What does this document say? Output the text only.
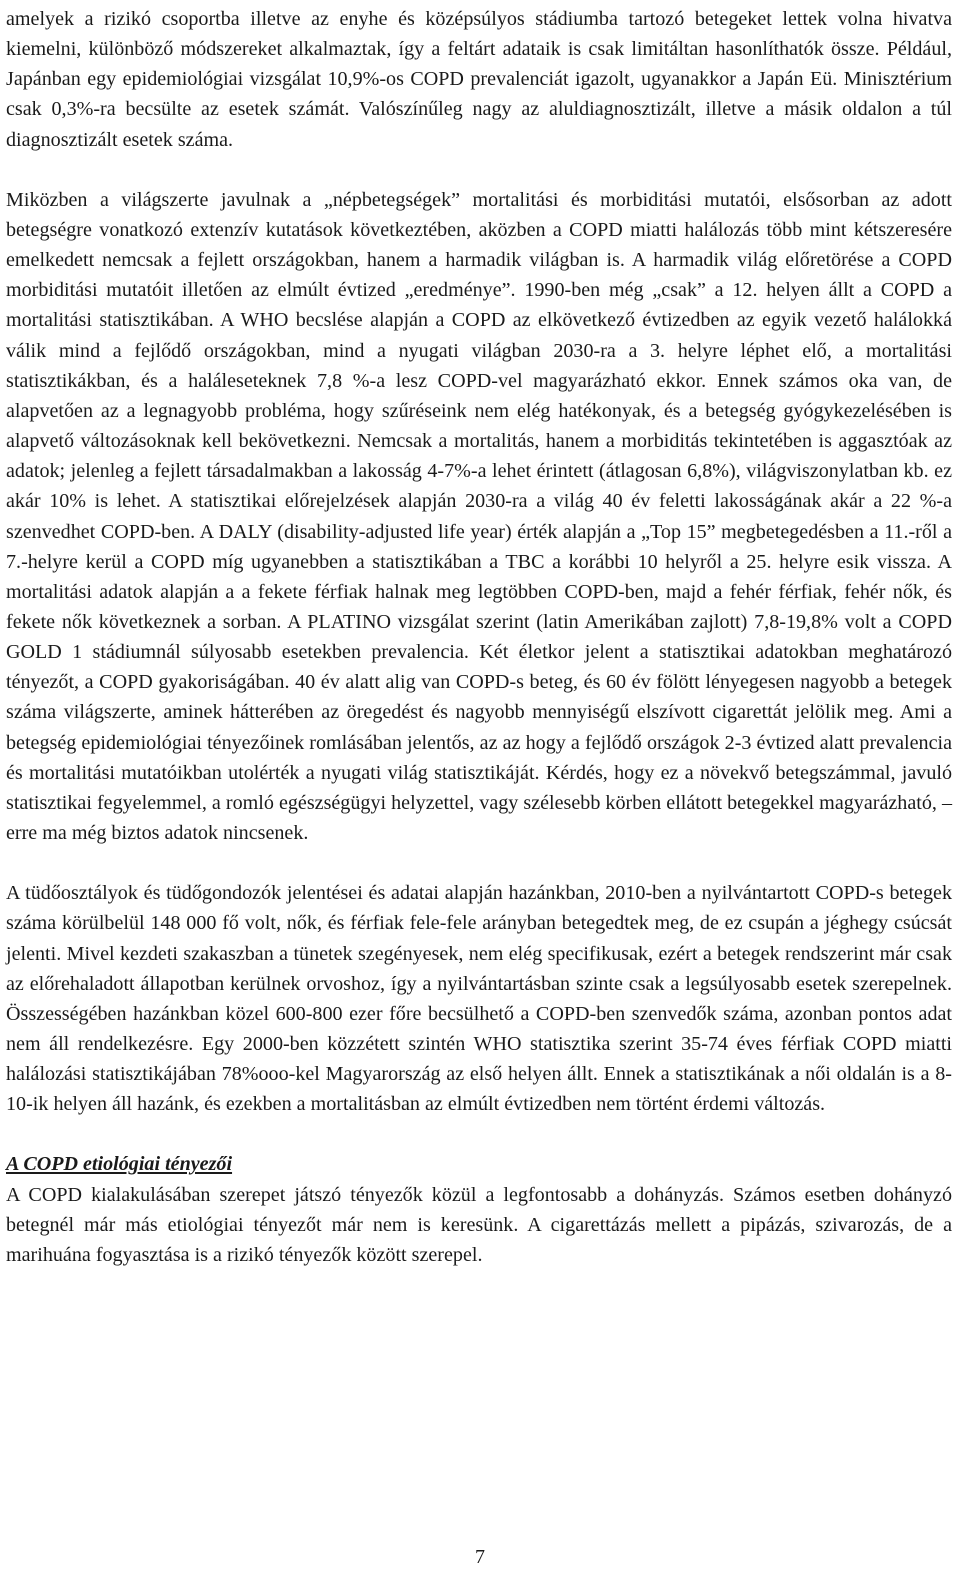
amelyek a rizikó csoportba illetve az enyhe és középsúlyos stádiumba tartozó betegeket lettek volna hivatva kiemelni, különböző módszereket alkalmaztak, így a feltárt adataik is csak limitáltan hasonlíthatók össze. Például, Japánban egy epidemiológiai vizsgálat 10,9%-os COPD prevalenciát igazolt, ugyanakkor a Japán Eü. Minisztérium csak 0,3%-ra becsülte az esetek számát. Valószínűleg nagy az aluldiagnosztizált, illetve a másik oldalon a túl diagnosztizált esetek száma.

Miközben a világszerte javulnak a „népbetegségek” mortalitási és morbiditási mutatói, elsősorban az adott betegségre vonatkozó extenzív kutatások következtében, aközben a COPD miatti halálozás több mint kétszeresére emelkedett nemcsak a fejlett országokban, hanem a harmadik világban is. A harmadik világ előretörése a COPD morbiditási mutatóit illetően az elmúlt évtized „eredménye”. 1990-ben még „csak” a 12. helyen állt a COPD a mortalitási statisztikában. A WHO becslése alapján a COPD az elkövetkező évtizedben az egyik vezető halálokká válik mind a fejlődő országokban, mind a nyugati világban 2030-ra a 3. helyre léphet elő, a mortalitási statisztikákban, és a haláleseteknek 7,8 %-a lesz COPD-vel magyarázható ekkor. Ennek számos oka van, de alapvetően az a legnagyobb probléma, hogy szűréseink nem elég hatékonyak, és a betegség gyógykezelésében is alapvető változásoknak kell bekövetkezni. Nemcsak a mortalitás, hanem a morbiditás tekintetében is aggasztóak az adatok; jelenleg a fejlett társadalmakban a lakosság 4-7%-a lehet érintett (átlagosan 6,8%), világviszonylatban kb. ez akár 10% is lehet. A statisztikai előrejelzések alapján 2030-ra a világ 40 év feletti lakosságának akár a 22 %-a szenvedhet COPD-ben. A DALY (disability-adjusted life year) érték alapján a „Top 15” megbetegedésben a 11.-ről a 7.-helyre kerül a COPD míg ugyanebben a statisztikában a TBC a korábbi 10 helyről a 25. helyre esik vissza. A mortalitási adatok alapján a a fekete férfiak halnak meg legtöbben COPD-ben, majd a fehér férfiak, fehér nők, és fekete nők következnek a sorban. A PLATINO vizsgálat szerint (latin Amerikában zajlott) 7,8-19,8% volt a COPD GOLD 1 stádiumnál súlyosabb esetekben prevalencia. Két életkor jelent a statisztikai adatokban meghatározó tényezőt, a COPD gyakoriságában. 40 év alatt alig van COPD-s beteg, és 60 év fölött lényegesen nagyobb a betegek száma világszerte, aminek hátterében az öregedést és nagyobb mennyiségű elszívott cigarettát jelölik meg. Ami a betegség epidemiológiai tényezőinek romlásában jelentős, az az hogy a fejlődő országok 2-3 évtized alatt prevalencia és mortalitási mutatóikban utolérték a nyugati világ statisztikáját. Kérdés, hogy ez a növekvő betegszámmal, javuló statisztikai fegyelemmel, a romló egészségügyi helyzettel, vagy szélesebb körben ellátott betegekkel magyarázható, – erre ma még biztos adatok nincsenek.

A tüdőosztályok és tüdőgondozók jelentései és adatai alapján hazánkban, 2010-ben a nyilvántartott COPD-s betegek száma körülbelül 148 000 fő volt, nők, és férfiak fele-fele arányban betegedtek meg, de ez csupán a jéghegy csúcsát jelenti. Mivel kezdeti szakaszban a tünetek szegényesek, nem elég specifikusak, ezért a betegek rendszerint már csak az előrehaladott állapotban kerülnek orvoshoz, így a nyilvántartásban szinte csak a legsúlyosabb esetek szerepelnek. Összességében hazánkban közel 600-800 ezer főre becsülhető a COPD-ben szenvedők száma, azonban pontos adat nem áll rendelkezésre. Egy 2000-ben közzétett szintén WHO statisztika szerint 35-74 éves férfiak COPD miatti halálozási statisztikájában 78%ooo-kel Magyarország az első helyen állt. Ennek a statisztikának a női oldalán is a 8-10-ik helyen áll hazánk, és ezekben a mortalitásban az elmúlt évtizedben nem történt érdemi változás.

A COPD etiológiai tényezői

A COPD kialakulásában szerepet játszó tényezők közül a legfontosabb a dohányzás. Számos esetben dohányzó betegnél már más etiológiai tényezőt már nem is keresünk. A cigarettázás mellett a pipázás, szivarozás, de a marihuána fogyasztása is a rizikó tényezők között szerepel.

7
